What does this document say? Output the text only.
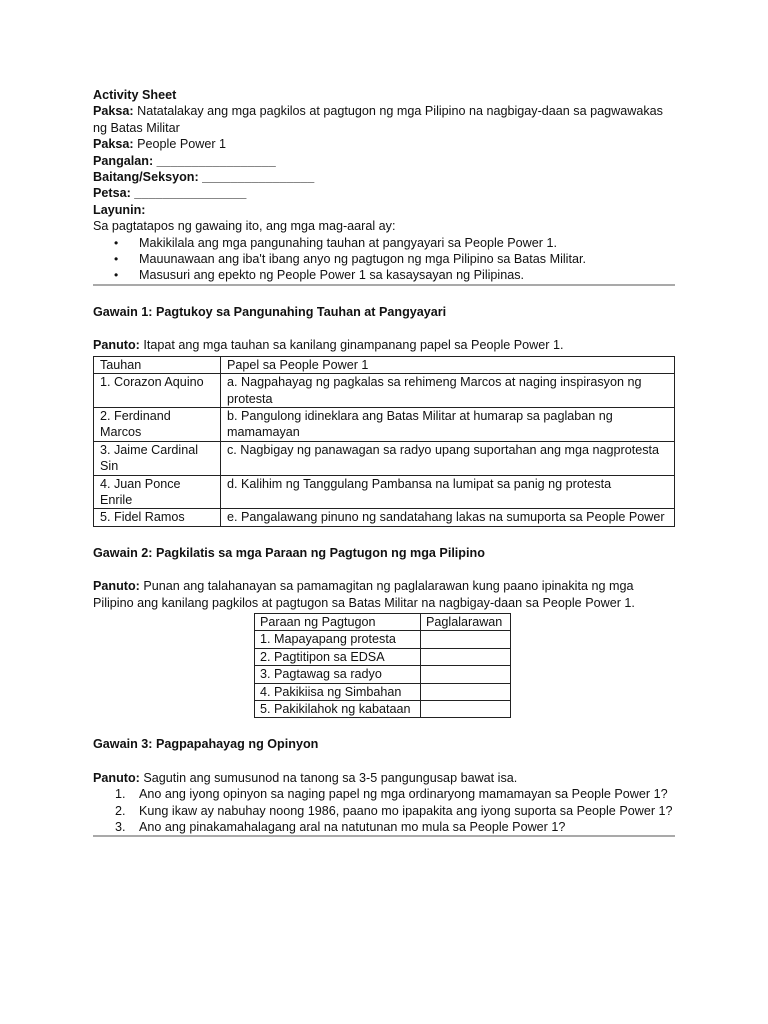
Activity Sheet

Paksa: Natatalakay ang mga pagkilos at pagtugon ng mga Pilipino na nagbigay-daan sa pagwawakas ng Batas Militar

Paksa: People Power 1

Pangalan: _________________

Baitang/Seksyon: ________________

Petsa: ________________

Layunin:

Sa pagtatapos ng gawaing ito, ang mga mag-aaral ay:

• Makikilala ang mga pangunahing tauhan at pangyayari sa People Power 1.
• Mauunawaan ang iba't ibang anyo ng pagtugon ng mga Pilipino sa Batas Militar.
• Masusuri ang epekto ng People Power 1 sa kasaysayan ng Pilipinas.

Gawain 1: Pagtukoy sa Pangunahing Tauhan at Pangyayari

Panuto: Itapat ang mga tauhan sa kanilang ginampanang papel sa People Power 1.

Tauhan	Papel sa People Power 1
1. Corazon Aquino	a. Nagpahayag ng pagkalas sa rehimeng Marcos at naging inspirasyon ng protesta
2. Ferdinand Marcos	b. Pangulong idineklara ang Batas Militar at humarap sa paglaban ng mamamayan
3. Jaime Cardinal Sin	c. Nagbigay ng panawagan sa radyo upang suportahan ang mga nagprotesta
4. Juan Ponce Enrile	d. Kalihim ng Tanggulang Pambansa na lumipat sa panig ng protesta
5. Fidel Ramos	e. Pangalawang pinuno ng sandatahang lakas na sumuporta sa People Power

Gawain 2: Pagkilatis sa mga Paraan ng Pagtugon ng mga Pilipino

Panuto: Punan ang talahanayan sa pamamagitan ng paglalarawan kung paano ipinakita ng mga Pilipino ang kanilang pagkilos at pagtugon sa Batas Militar na nagbigay-daan sa People Power 1.

Paraan ng Pagtugon	Paglalarawan
1. Mapayapang protesta	
2. Pagtitipon sa EDSA	
3. Pagtawag sa radyo	
4. Pakikiisa ng Simbahan	
5. Pakikilahok ng kabataan	

Gawain 3: Pagpapahayag ng Opinyon

Panuto: Sagutin ang sumusunod na tanong sa 3-5 pangungusap bawat isa.

1. Ano ang iyong opinyon sa naging papel ng mga ordinaryong mamamayan sa People Power 1?
2. Kung ikaw ay nabuhay noong 1986, paano mo ipapakita ang iyong suporta sa People Power 1?
3. Ano ang pinakamahalagang aral na natutunan mo mula sa People Power 1?
